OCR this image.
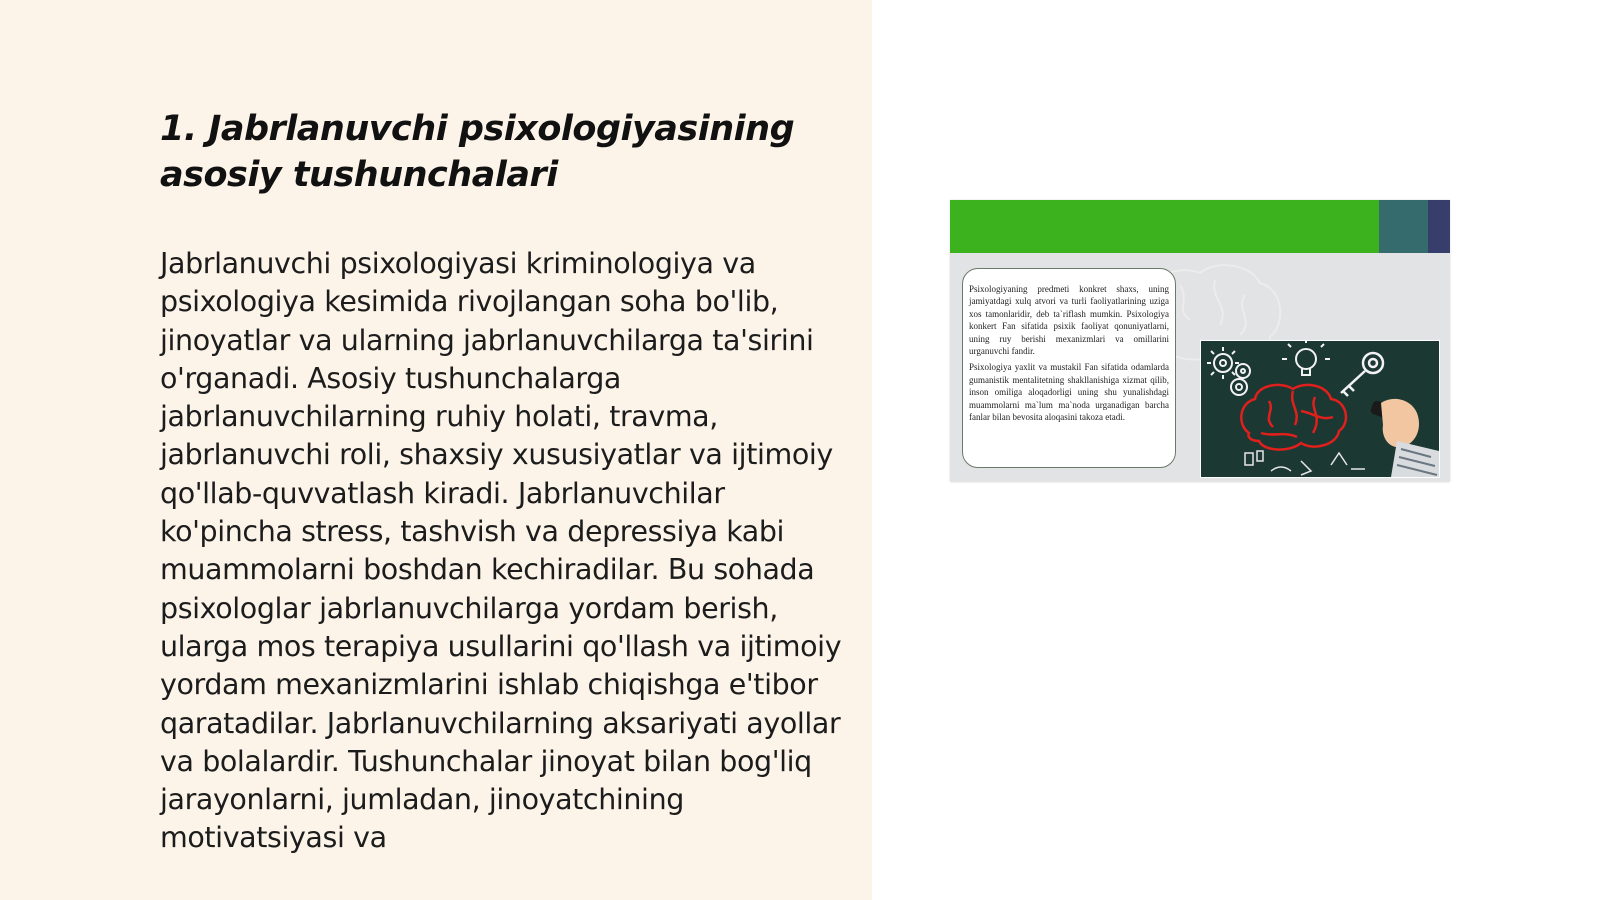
1. Jabrlanuvchi psixologiyasining asosiy tushunchalari

Jabrlanuvchi psixologiyasi kriminologiya va psixologiya kesimida rivojlangan soha bo'lib, jinoyatlar va ularning jabrlanuvchilarga ta'sirini o'rganadi. Asosiy tushunchalarga jabrlanuvchilarning ruhiy holati, travma, jabrlanuvchi roli, shaxsiy xususiyatlar va ijtimoiy qo'llab-quvvatlash kiradi. Jabrlanuvchilar ko'pincha stress, tashvish va depressiya kabi muammolarni boshdan kechiradilar. Bu sohada psixologlar jabrlanuvchilarga yordam berish, ularga mos terapiya usullarini qo'llash va ijtimoiy yordam mexanizmlarini ishlab chiqishga e'tibor qaratadilar. Jabrlanuvchilarning aksariyati ayollar va bolalardir. Tushunchalar jinoyat bilan bog'liq jarayonlarni, jumladan, jinoyatchining motivatsiyasi va

Psixologiyaning predmeti konkret shaxs, uning jamiyatdagi xulq atvori va turli faoliyatlarining uziga xos tamonlaridir, deb ta`riflash mumkin. Psixologiya konkert Fan sifatida psixik faoliyat qonuniyatlarni, uning ruy berishi mexanizmlari va omillarini urganuvchi fandir.

Psixologiya yaxlit va mustakil Fan sifatida odamlarda gumanistik mentalitetning shakllanishiga xizmat qilib, inson omiliga aloqadorligi uning shu yunalishdagi muammolarni ma`lum ma`noda urganadigan barcha fanlar bilan bevosita aloqasini takoza etadi.
